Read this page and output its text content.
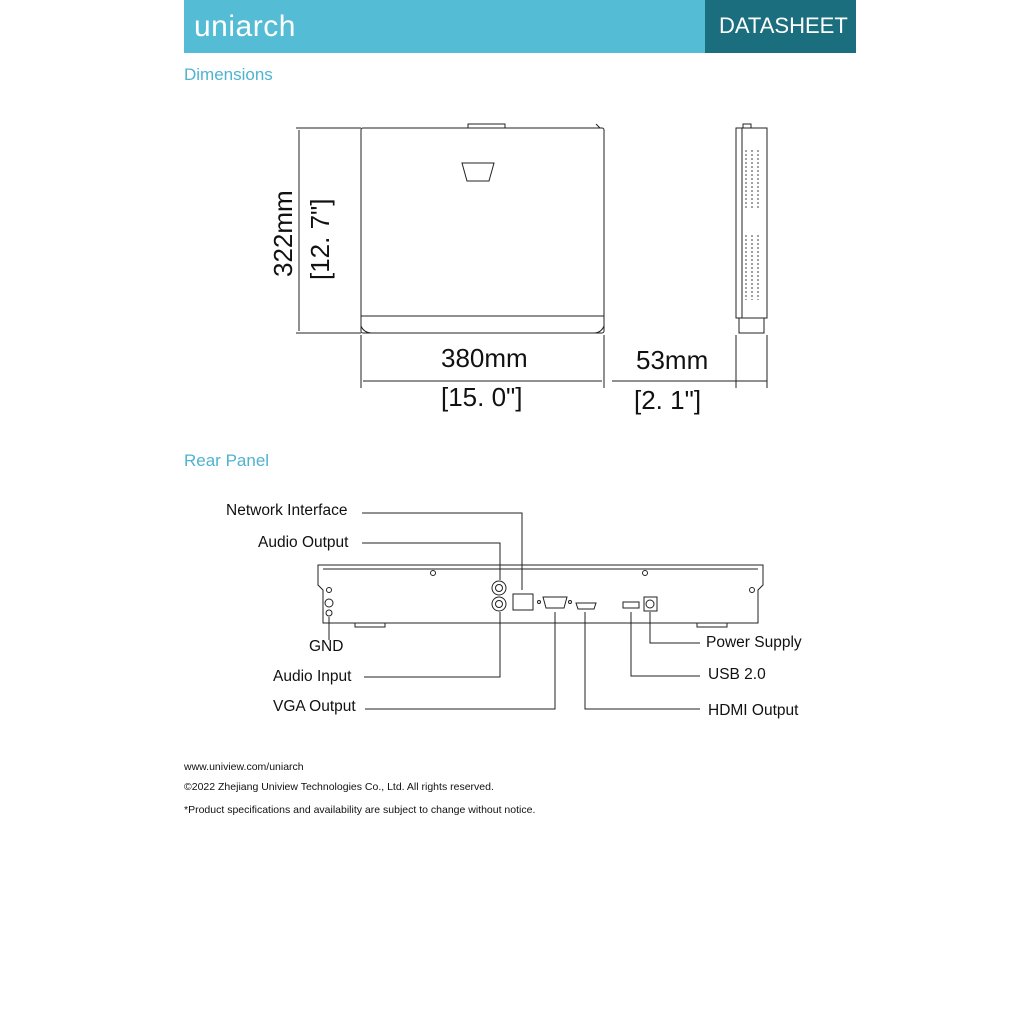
uniarch	DATASHEET
Dimensions
Rear Panel
322mm [12. 7"]
380mm
[15. 0"]
53mm
[2. 1"]
Network Interface
Audio Output
GND
Audio Input
VGA Output
Power Supply
USB 2.0
HDMI Output
www.uniview.com/uniarch
©2022 Zhejiang Uniview Technologies Co., Ltd. All rights reserved.
*Product specifications and availability are subject to change without notice.
